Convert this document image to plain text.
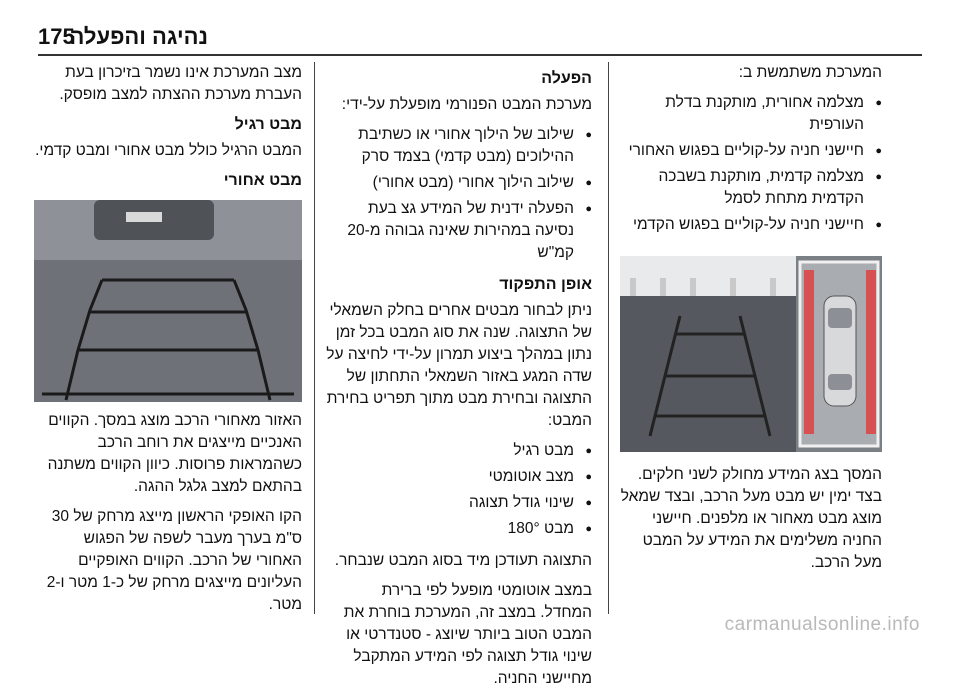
נהיגה והפעלה
175
המערכת משתמשת ב:
● מצלמה אחורית, מותקנת בדלת העורפית
● חיישני חניה על-קוליים בפגוש האחורי
● מצלמה קדמית, מותקנת בשבכה הקדמית מתחת לסמל
● חיישני חניה על-קוליים בפגוש הקדמי
המסך בצג המידע מחולק לשני חלקים. בצד ימין יש מבט מעל הרכב, ובצד שמאל מוצג מבט מאחור או מלפנים. חיישני החניה משלימים את המידע על המבט מעל הרכב.
הפעלה
מערכת המבט הפנורמי מופעלת על-ידי:
● שילוב של הילוך אחורי או כשתיבת ההילוכים (מבט קדמי) בצמד סרק
● שילוב הילוך אחורי (מבט אחורי)
● הפעלה ידנית של המידע גצ בעת נסיעה במהירות שאינה גבוהה מ-20 קמ"ש
אופן התפקוד
ניתן לבחור מבטים אחרים בחלק השמאלי של התצוגה. שנה את סוג המבט בכל זמן נתון במהלך ביצוע תמרון על-ידי לחיצה על שדה המגע באזור השמאלי התחתון של התצוגה ובחירת מבט מתוך תפריט בחירת המבט:
● מבט רגיל
● מצב אוטומטי
● שינוי גודל תצוגה
● מבט 180°
התצוגה תעודכן מיד בסוג המבט שנבחר.
במצב אוטומטי מופעל לפי ברירת המחדל. במצב זה, המערכת בוחרת את המבט הטוב ביותר שיוצג - סטנדרטי או שינוי גודל תצוגה לפי המידע המתקבל מחיישני החניה.
מצב המערכת אינו נשמר בזיכרון בעת העברת מערכת ההצתה למצב מופסק.
מבט רגיל
המבט הרגיל כולל מבט אחורי ומבט קדמי.
מבט אחורי
האזור מאחורי הרכב מוצג במסך. הקווים האנכיים מייצגים את רוחב הרכב כשהמראות פרוסות. כיוון הקווים משתנה בהתאם למצב גלגל ההגה.
הקו האופקי הראשון מייצג מרחק של 30 ס"מ בערך מעבר לשפה של הפגוש האחורי של הרכב. הקווים האופקיים העליונים מייצגים מרחק של כ-1 מטר ו-2 מטר.
carmanualsonline.info
